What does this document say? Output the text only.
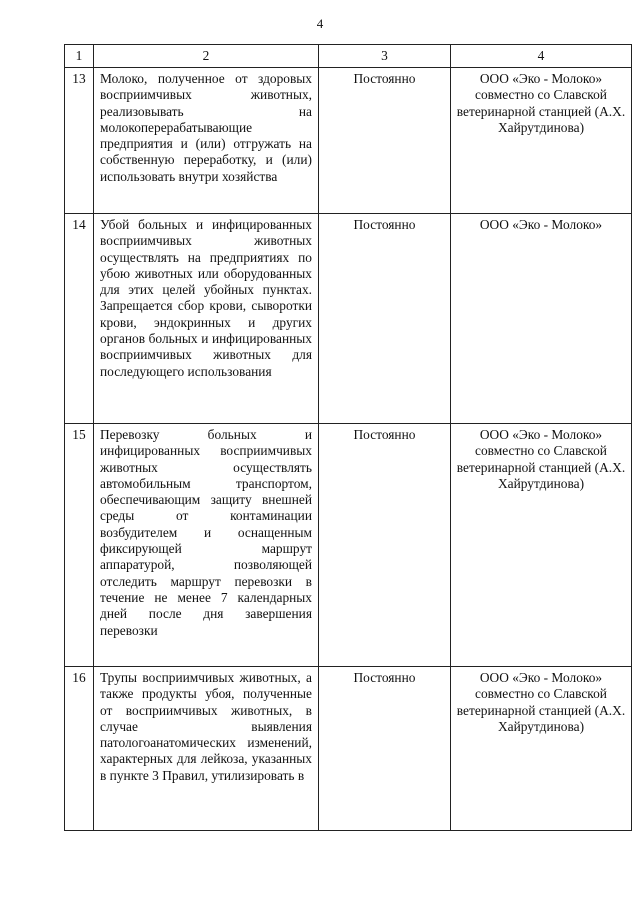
4
1	2	3	4
13	Молоко, полученное от здоровых восприимчивых животных, реализовывать на молокоперерабатывающие предприятия и (или) отгружать на собственную переработку, и (или) использовать внутри хозяйства	Постоянно	ООО «Эко - Молоко» совместно со Славской ветеринарной станцией (А.Х. Хайрутдинова)
14	Убой больных и инфицированных восприимчивых животных осуществлять на предприятиях по убою животных или оборудованных для этих целей убойных пунктах. Запрещается сбор крови, сыворотки крови, эндокринных и других органов больных и инфицированных восприимчивых животных для последующего использования	Постоянно	ООО «Эко - Молоко»
15	Перевозку больных и инфицированных восприимчивых животных осуществлять автомобильным транспортом, обеспечивающим защиту внешней среды от контаминации возбудителем и оснащенным фиксирующей маршрут аппаратурой, позволяющей отследить маршрут перевозки в течение не менее 7 календарных дней после дня завершения перевозки	Постоянно	ООО «Эко - Молоко» совместно со Славской ветеринарной станцией (А.Х. Хайрутдинова)
16	Трупы восприимчивых животных, а также продукты убоя, полученные от восприимчивых животных, в случае выявления патологоанатомических изменений, характерных для лейкоза, указанных в пункте 3 Правил, утилизировать в	Постоянно	ООО «Эко - Молоко» совместно со Славской ветеринарной станцией (А.Х. Хайрутдинова)
